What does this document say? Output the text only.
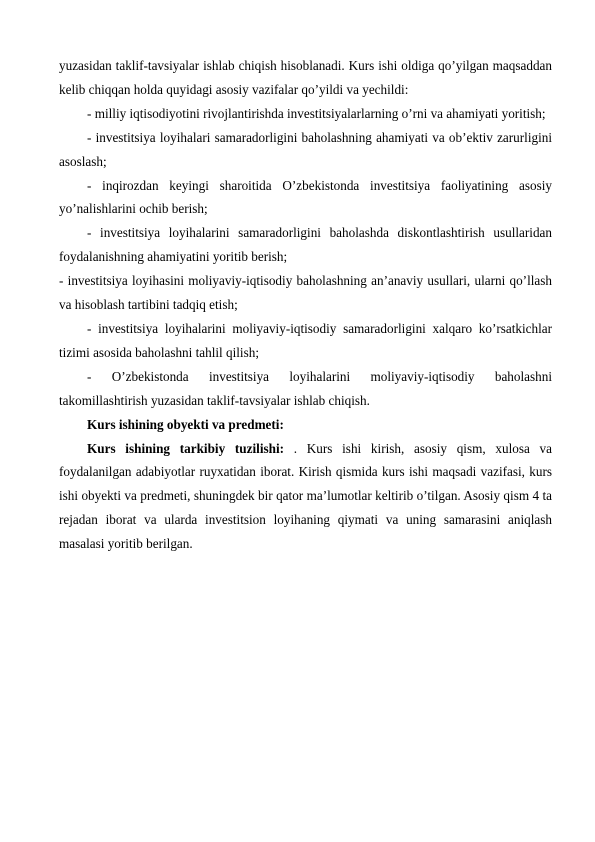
yuzasidan taklif-tavsiyalar ishlab chiqish hisoblanadi. Kurs ishi oldiga qo’yilgan maqsaddan kelib chiqqan holda quyidagi asosiy vazifalar qo’yildi va yechildi:

- milliy iqtisodiyotini rivojlantirishda investitsiyalarlarning o’rni va ahamiyati yoritish;

- investitsiya loyihalari samaradorligini baholashning ahamiyati va ob’ektiv zarurligini asoslash;

- inqirozdan keyingi sharoitida O’zbekistonda investitsiya faoliyatining asosiy yo’nalishlarini ochib berish;

- investitsiya loyihalarini samaradorligini baholashda diskontlashtirish usullaridan foydalanishning ahamiyatini yoritib berish;

- investitsiya loyihasini moliyaviy-iqtisodiy baholashning an’anaviy usullari, ularni qo’llash va hisoblash tartibini tadqiq etish;

- investitsiya loyihalarini moliyaviy-iqtisodiy samaradorligini xalqaro ko’rsatkichlar tizimi asosida baholashni tahlil qilish;

- O’zbekistonda investitsiya loyihalarini moliyaviy-iqtisodiy baholashni takomillashtirish yuzasidan taklif-tavsiyalar ishlab chiqish.

Kurs ishining obyekti va predmeti:

Kurs ishining tarkibiy tuzilishi: . Kurs ishi kirish, asosiy qism, xulosa va foydalanilgan adabiyotlar ruyxatidan iborat. Kirish qismida kurs ishi maqsadi vazifasi, kurs ishi obyekti va predmeti, shuningdek bir qator ma’lumotlar keltirib o’tilgan. Asosiy qism 4 ta rejadan iborat va ularda investitsion loyihaning qiymati va uning samarasini aniqlash masalasi yoritib berilgan.
